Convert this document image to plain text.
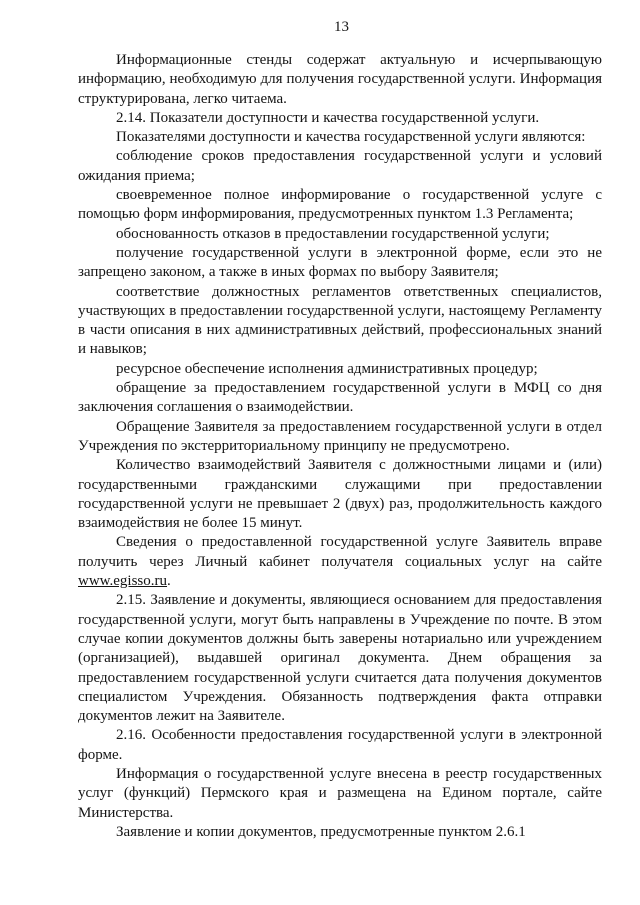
13

Информационные стенды содержат актуальную и исчерпывающую информацию, необходимую для получения государственной услуги. Информация структурирована, легко читаема.

2.14. Показатели доступности и качества государственной услуги.

Показателями доступности и качества государственной услуги являются:

соблюдение сроков предоставления государственной услуги и условий ожидания приема;

своевременное полное информирование о государственной услуге с помощью форм информирования, предусмотренных пунктом 1.3 Регламента;

обоснованность отказов в предоставлении государственной услуги;

получение государственной услуги в электронной форме, если это не запрещено законом, а также в иных формах по выбору Заявителя;

соответствие должностных регламентов ответственных специалистов, участвующих в предоставлении государственной услуги, настоящему Регламенту в части описания в них административных действий, профессиональных знаний и навыков;

ресурсное обеспечение исполнения административных процедур;

обращение за предоставлением государственной услуги в МФЦ со дня заключения соглашения о взаимодействии.

Обращение Заявителя за предоставлением государственной услуги в отдел Учреждения по экстерриториальному принципу не предусмотрено.

Количество взаимодействий Заявителя с должностными лицами и (или) государственными гражданскими служащими при предоставлении государственной услуги не превышает 2 (двух) раз, продолжительность каждого взаимодействия не более 15 минут.

Сведения о предоставленной государственной услуге Заявитель вправе получить через Личный кабинет получателя социальных услуг на сайте www.egisso.ru.

2.15. Заявление и документы, являющиеся основанием для предоставления государственной услуги, могут быть направлены в Учреждение по почте. В этом случае копии документов должны быть заверены нотариально или учреждением (организацией), выдавшей оригинал документа. Днем обращения за предоставлением государственной услуги считается дата получения документов специалистом Учреждения. Обязанность подтверждения факта отправки документов лежит на Заявителе.

2.16. Особенности предоставления государственной услуги в электронной форме.

Информация о государственной услуге внесена в реестр государственных услуг (функций) Пермского края и размещена на Едином портале, сайте Министерства.

Заявление и копии документов, предусмотренные пунктом 2.6.1
